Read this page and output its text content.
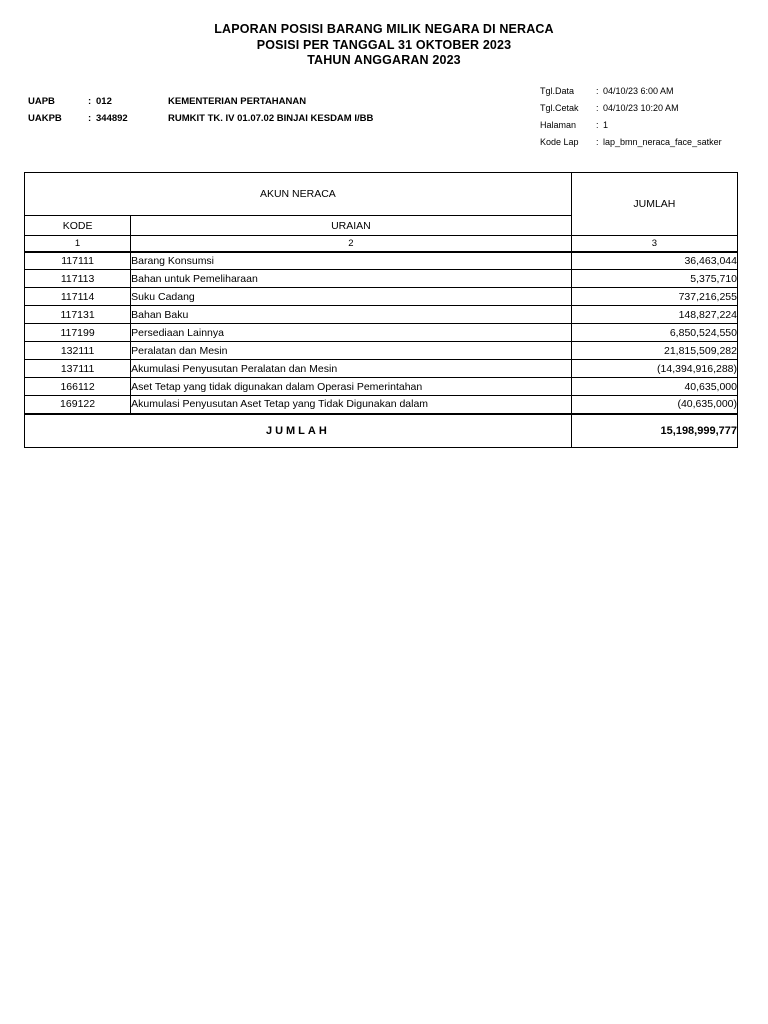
LAPORAN POSISI BARANG MILIK NEGARA DI NERACA
POSISI PER TANGGAL 31 OKTOBER 2023
TAHUN ANGGARAN 2023
UAPB	: 012	KEMENTERIAN PERTAHANAN
UAKPB	: 344892	RUMKIT TK. IV 01.07.02 BINJAI KESDAM I/BB
Tgl.Data	: 04/10/23 6:00 AM
Tgl.Cetak	: 04/10/23 10:20 AM
Halaman	: 1
Kode Lap	: lap_bmn_neraca_face_satker
AKUN NERACA		JUMLAH
KODE	URAIAN	
1	2	3
117111	Barang Konsumsi	36,463,044
117113	Bahan untuk Pemeliharaan	5,375,710
117114	Suku Cadang	737,216,255
117131	Bahan Baku	148,827,224
117199	Persediaan Lainnya	6,850,524,550
132111	Peralatan dan Mesin	21,815,509,282
137111	Akumulasi Penyusutan Peralatan dan Mesin	(14,394,916,288)
166112	Aset Tetap yang tidak digunakan dalam Operasi Pemerintahan	40,635,000
169122	Akumulasi Penyusutan Aset Tetap yang Tidak Digunakan dalam	(40,635,000)
JUMLAH		15,198,999,777
